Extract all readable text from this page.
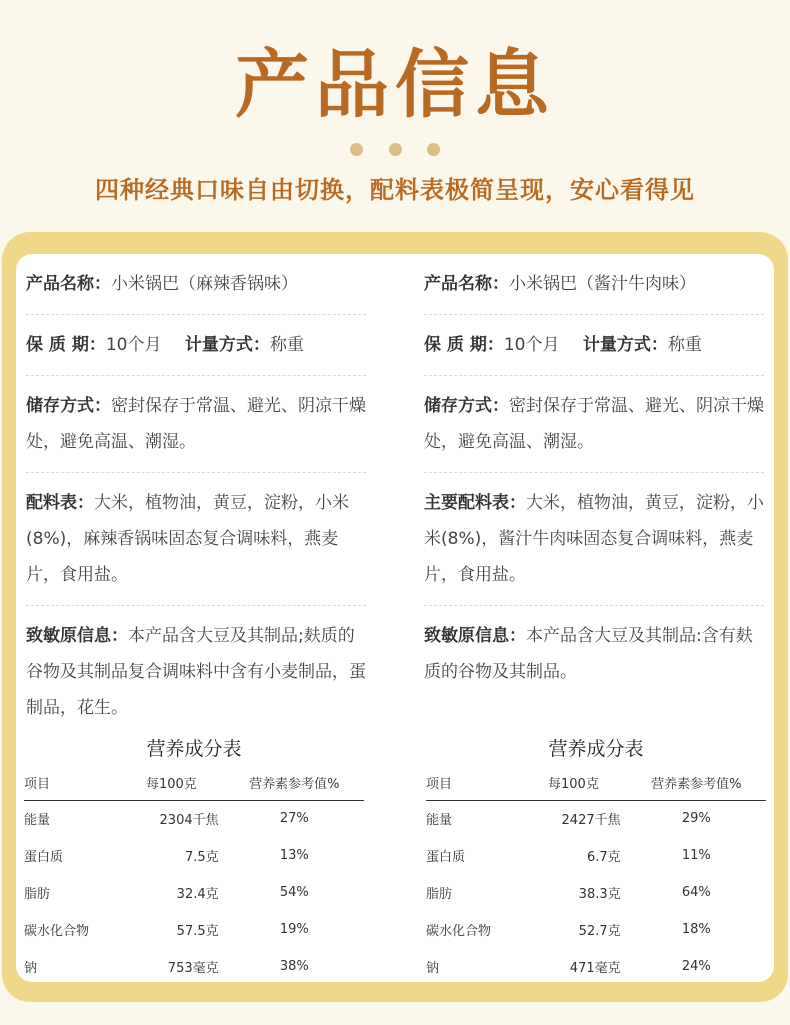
产品信息

四种经典口味自由切换，配料表极简呈现，安心看得见
产品名称：小米锅巴（麻辣香锅味）
保 质 期：10个月 计量方式：称重
储存方式：密封保存于常温、避光、阴凉干燥处，避免高温、潮湿。
配料表：大米，植物油，黄豆，淀粉，小米(8%)，麻辣香锅味固态复合调味料，燕麦片，食用盐。
致敏原信息：本产品含大豆及其制品;麸质的谷物及其制品复合调味料中含有小麦制品，蛋制品，花生。
产品名称：小米锅巴（酱汁牛肉味）
保 质 期：10个月 计量方式：称重
储存方式：密封保存于常温、避光、阴凉干燥处，避免高温、潮湿。
主要配料表：大米，植物油，黄豆，淀粉，小米(8%)，酱汁牛肉味固态复合调味料，燕麦片，食用盐。
致敏原信息：本产品含大豆及其制品:含有麸质的谷物及其制品。
营养成分表
项目	每100克	营养素参考值%
能量	2304千焦	27%
蛋白质	7.5克	13%
脂肪	32.4克	54%
碳水化合物	57.5克	19%
钠	753毫克	38%
营养成分表
项目	每100克	营养素参考值%
能量	2427千焦	29%
蛋白质	6.7克	11%
脂肪	38.3克	64%
碳水化合物	52.7克	18%
钠	471毫克	24%
